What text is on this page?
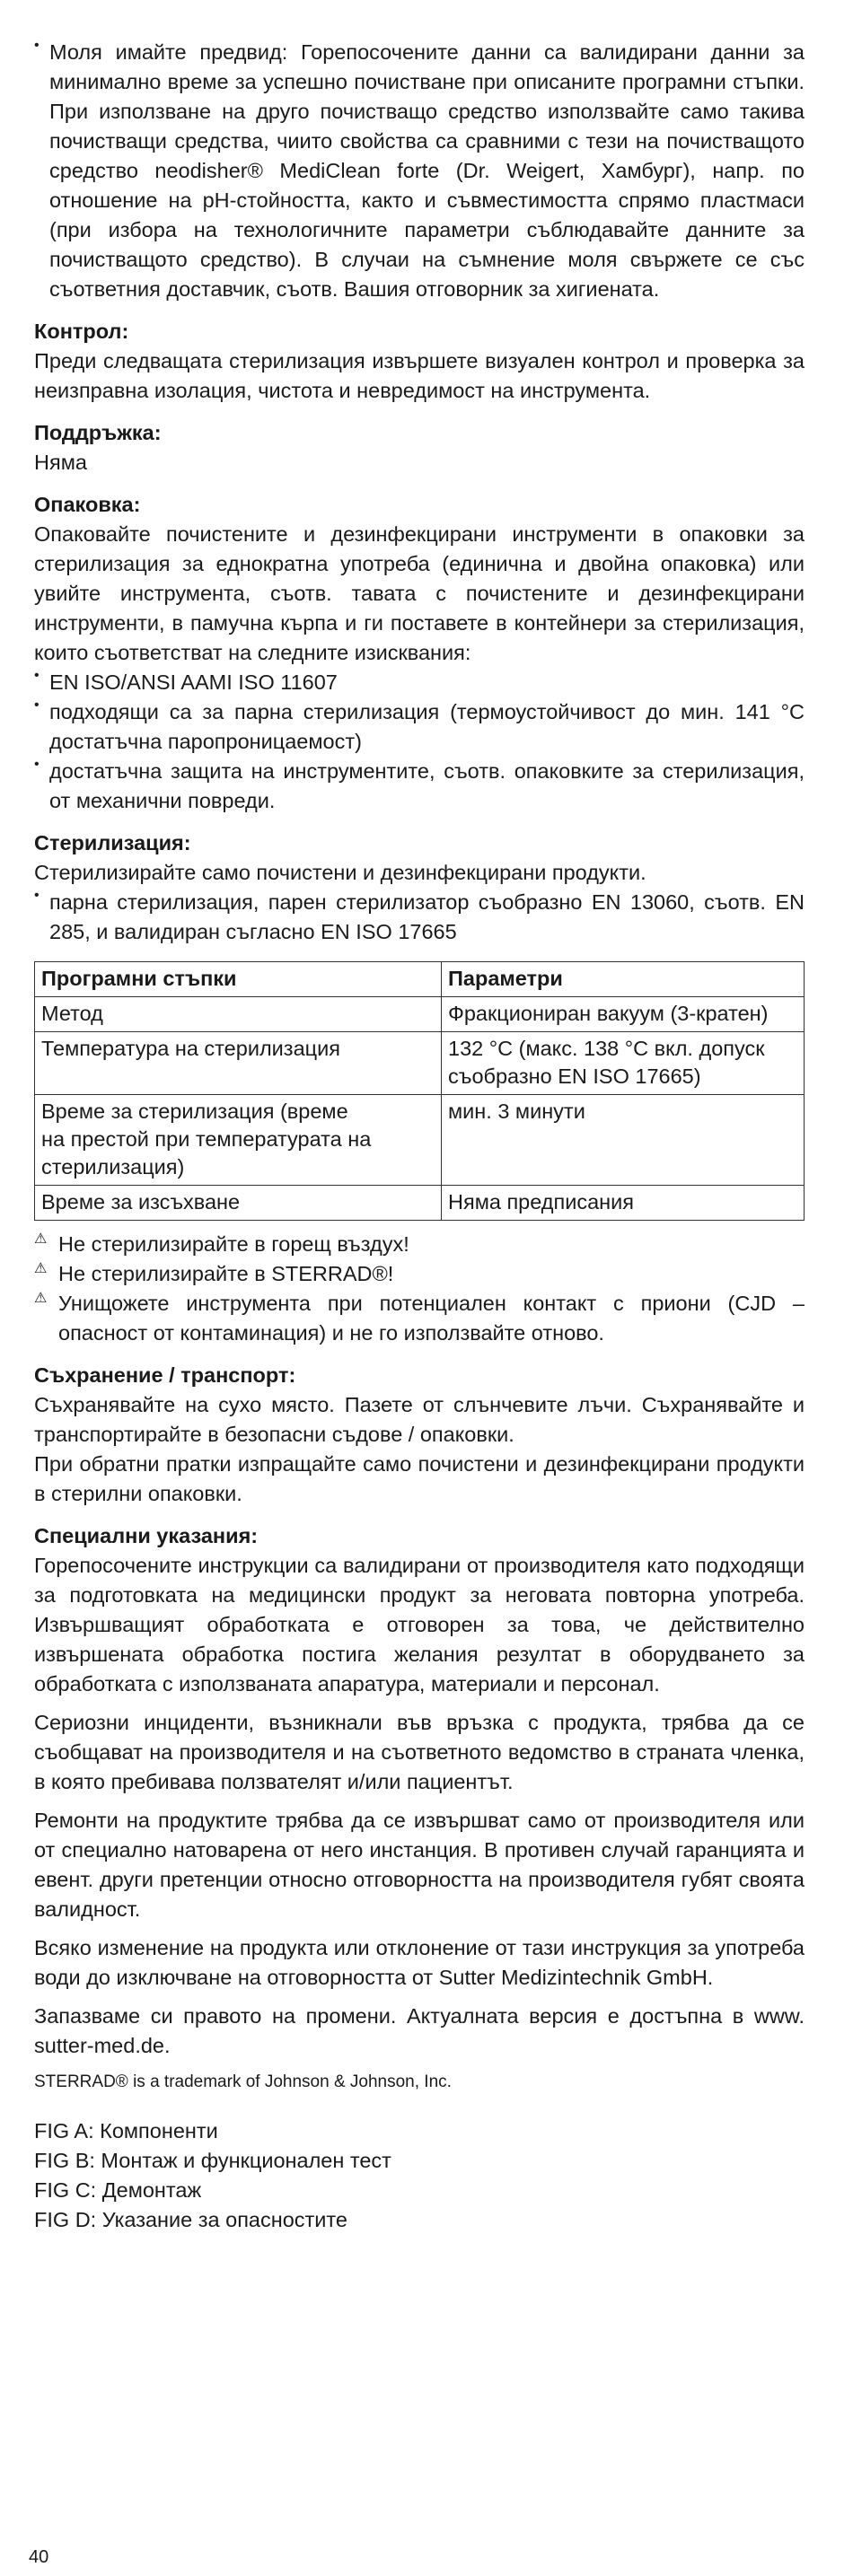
• Моля имайте предвид: Горепосочените данни са валидирани данни за минимално време за успешно почистване при описаните програмни стъпки. При използване на друго почистващо средство използвайте само такива почистващи средства, чиито свойства са сравними с тези на почистващото средство neodisher® MediClean forte (Dr. Weigert, Хамбург), напр. по отношение на pH-стойността, както и съвместимостта спрямо пластмаси (при избора на технологичните параметри съблюдавайте данните за почистващото средство). В случаи на съмнение моля свържете се със съответния доставчик, съотв. Вашия отговорник за хигиената.

Контрол:

Преди следващата стерилизация извършете визуален контрол и проверка за неизправна изолация, чистота и невредимост на инструмента.

Поддръжка:

Няма

Опаковка:

Опаковайте почистените и дезинфекцирани инструменти в опаковки за стерилизация за еднократна употреба (единична и двойна опаковка) или увийте инструмента, съотв. тавата с почистените и дезинфекцирани инструменти, в памучна кърпа и ги поставете в контейнери за стерилизация, които съответстват на следните изисквания:

• EN ISO/ANSI AAMI ISO 11607

• подходящи са за парна стерилизация (термоустойчивост до мин. 141 °C достатъчна паропроницаемост)

• достатъчна защита на инструментите, съотв. опаковките за стерилизация, от механични повреди.

Стерилизация:

Стерилизирайте само почистени и дезинфекцирани продукти.

• парна стерилизация, парен стерилизатор съобразно EN 13060, съотв. EN 285, и валидиран съгласно EN ISO 17665

Програмни стъпки	Параметри
Метод	Фракциониран вакуум (3-кратен)
Температура на стерилизация	132 °C (макс. 138 °C вкл. допуск
съобразно EN ISO 17665)
Време за стерилизация (време
на престой при температурата на
стерилизация)	мин. 3 минути
Време за изсъхване	Няма предписания
⚠ Не стерилизирайте в горещ въздух!

⚠ Не стерилизирайте в STERRAD®!

⚠ Унищожете инструмента при потенциален контакт с приони (CJD – опасност от контаминация) и не го използвайте отново.

Съхранение / транспорт:

Съхранявайте на сухо място. Пазете от слънчевите лъчи. Съхранявайте и транспортирайте в безопасни съдове / опаковки.

При обратни пратки изпращайте само почистени и дезинфекцирани продукти в стерилни опаковки.

Специални указания:

Горепосочените инструкции са валидирани от производителя като подходящи за подготовката на медицински продукт за неговата повторна употреба. Извършващият обработката е отговорен за това, че действително извършената обработка постига желания резултат в оборудването за обработката с използваната апаратура, материали и персонал.

Сериозни инциденти, възникнали във връзка с продукта, трябва да се съобщават на производителя и на съответното ведомство в страната членка, в която пребивава ползвателят и/или пациентът.

Ремонти на продуктите трябва да се извършват само от производителя или от специално натоварена от него инстанция. В противен случай гаранцията и евент. други претенции относно отговорността на производителя губят своята валидност.

Всяко изменение на продукта или отклонение от тази инструкция за употреба води до изключване на отговорността от Sutter Medizintechnik GmbH.

Запазваме си правото на промени. Актуалната версия е достъпна в www. sutter-med.de.

STERRAD® is a trademark of Johnson & Johnson, Inc.

FIG A: Компоненти

FIG B: Монтаж и функционален тест

FIG C: Демонтаж

FIG D: Указание за опасностите

40
